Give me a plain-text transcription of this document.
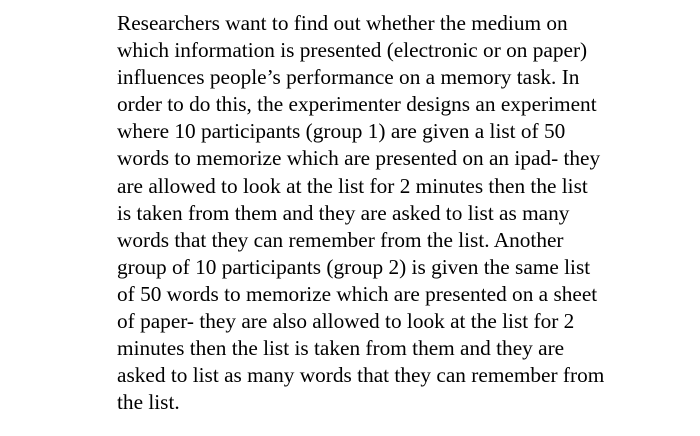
Researchers want to find out whether the medium on
which information is presented (electronic or on paper)
influences people’s performance on a memory task. In
order to do this, the experimenter designs an experiment
where 10 participants (group 1) are given a list of 50
words to memorize which are presented on an ipad- they
are allowed to look at the list for 2 minutes then the list
is taken from them and they are asked to list as many
words that they can remember from the list. Another
group of 10 participants (group 2) is given the same list
of 50 words to memorize which are presented on a sheet
of paper- they are also allowed to look at the list for 2
minutes then the list is taken from them and they are
asked to list as many words that they can remember from
the list.
